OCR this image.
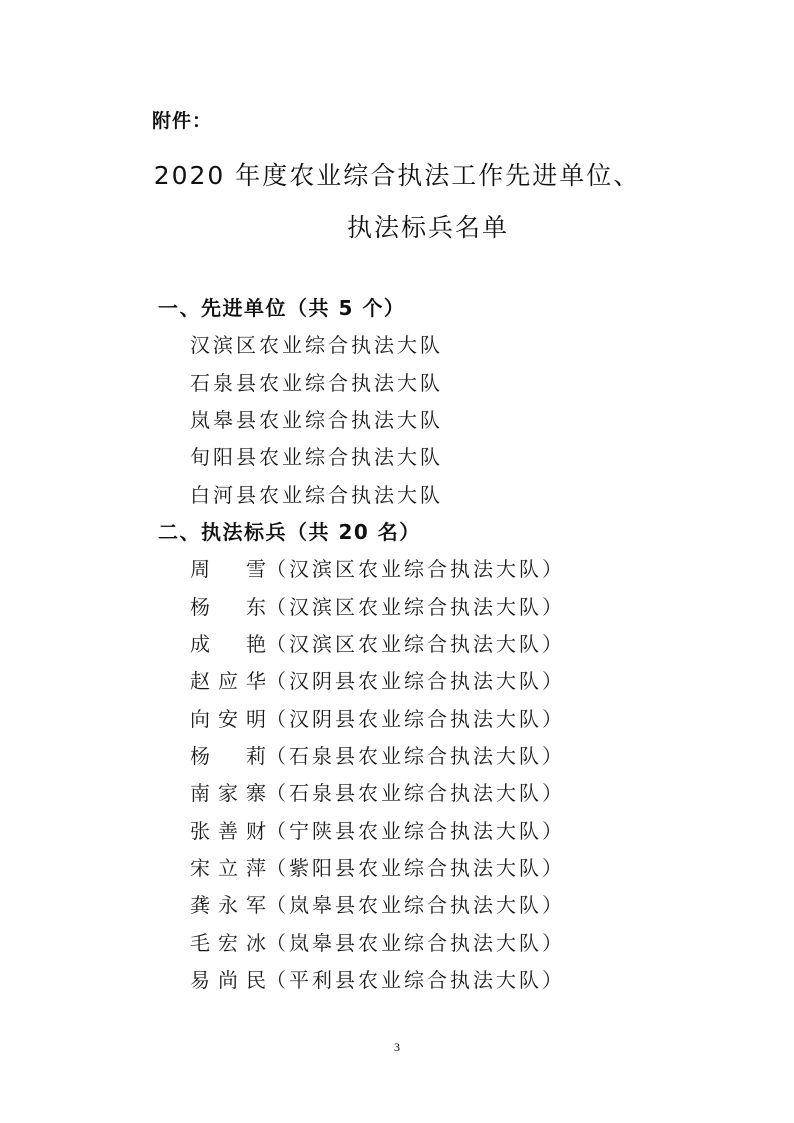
附件：
2020 年度农业综合执法工作先进单位、
执法标兵名单
一、先进单位（共 5 个）
汉滨区农业综合执法大队
石泉县农业综合执法大队
岚皋县农业综合执法大队
旬阳县农业综合执法大队
白河县农业综合执法大队
二、执法标兵（共 20 名）
周 雪（汉滨区农业综合执法大队）
杨 东（汉滨区农业综合执法大队）
成 艳（汉滨区农业综合执法大队）
赵应华（汉阴县农业综合执法大队）
向安明（汉阴县农业综合执法大队）
杨 莉（石泉县农业综合执法大队）
南家寨（石泉县农业综合执法大队）
张善财（宁陕县农业综合执法大队）
宋立萍（紫阳县农业综合执法大队）
龚永军（岚皋县农业综合执法大队）
毛宏冰（岚皋县农业综合执法大队）
易尚民（平利县农业综合执法大队）
3
